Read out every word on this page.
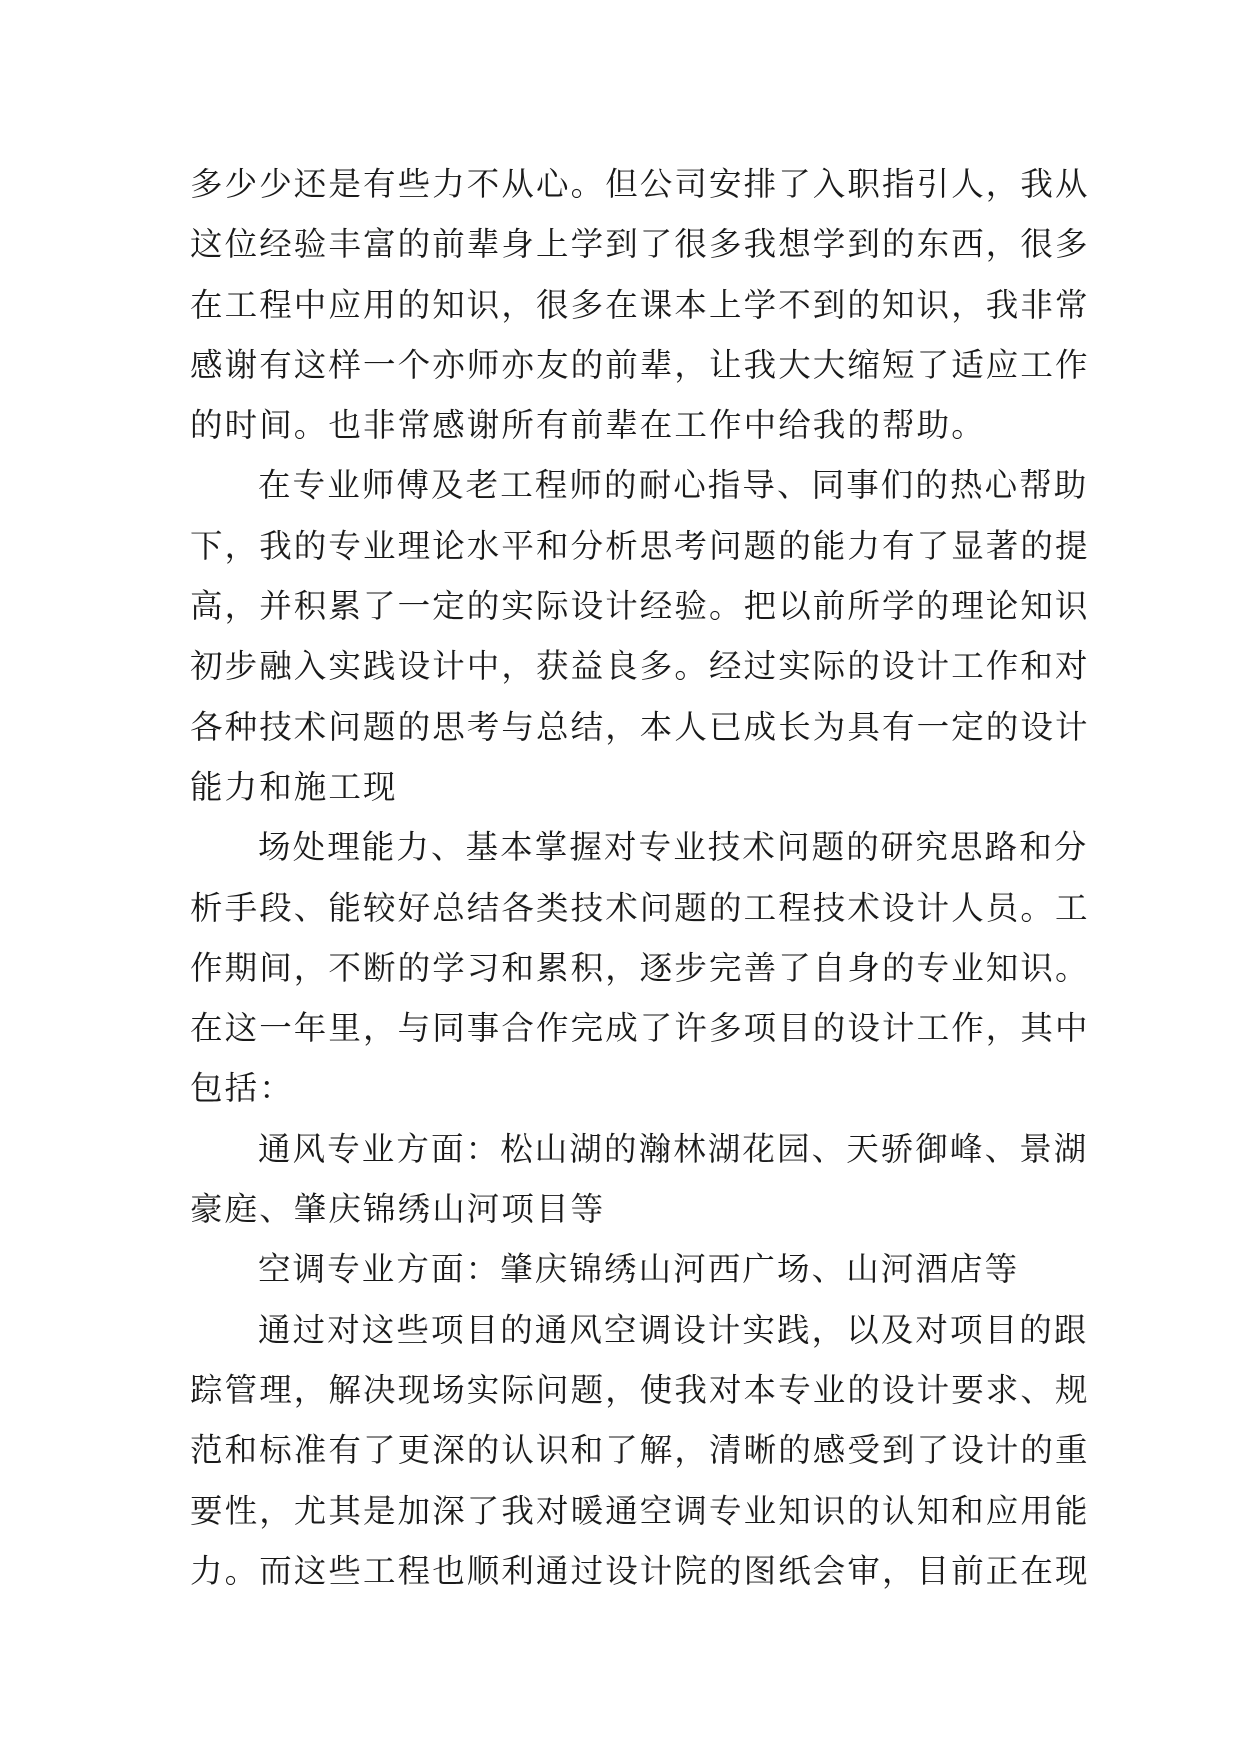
多少少还是有些力不从心。但公司安排了入职指引人，我从
这位经验丰富的前辈身上学到了很多我想学到的东西，很多
在工程中应用的知识，很多在课本上学不到的知识，我非常
感谢有这样一个亦师亦友的前辈，让我大大缩短了适应工作
的时间。也非常感谢所有前辈在工作中给我的帮助。
在专业师傅及老工程师的耐心指导、同事们的热心帮助
下，我的专业理论水平和分析思考问题的能力有了显著的提
高，并积累了一定的实际设计经验。把以前所学的理论知识
初步融入实践设计中，获益良多。经过实际的设计工作和对
各种技术问题的思考与总结，本人已成长为具有一定的设计
能力和施工现
场处理能力、基本掌握对专业技术问题的研究思路和分
析手段、能较好总结各类技术问题的工程技术设计人员。工
作期间，不断的学习和累积，逐步完善了自身的专业知识。
在这一年里，与同事合作完成了许多项目的设计工作，其中
包括：
通风专业方面：松山湖的瀚林湖花园、天骄御峰、景湖
豪庭、肇庆锦绣山河项目等
空调专业方面：肇庆锦绣山河西广场、山河酒店等
通过对这些项目的通风空调设计实践，以及对项目的跟
踪管理，解决现场实际问题，使我对本专业的设计要求、规
范和标准有了更深的认识和了解，清晰的感受到了设计的重
要性，尤其是加深了我对暖通空调专业知识的认知和应用能
力。而这些工程也顺利通过设计院的图纸会审，目前正在现
